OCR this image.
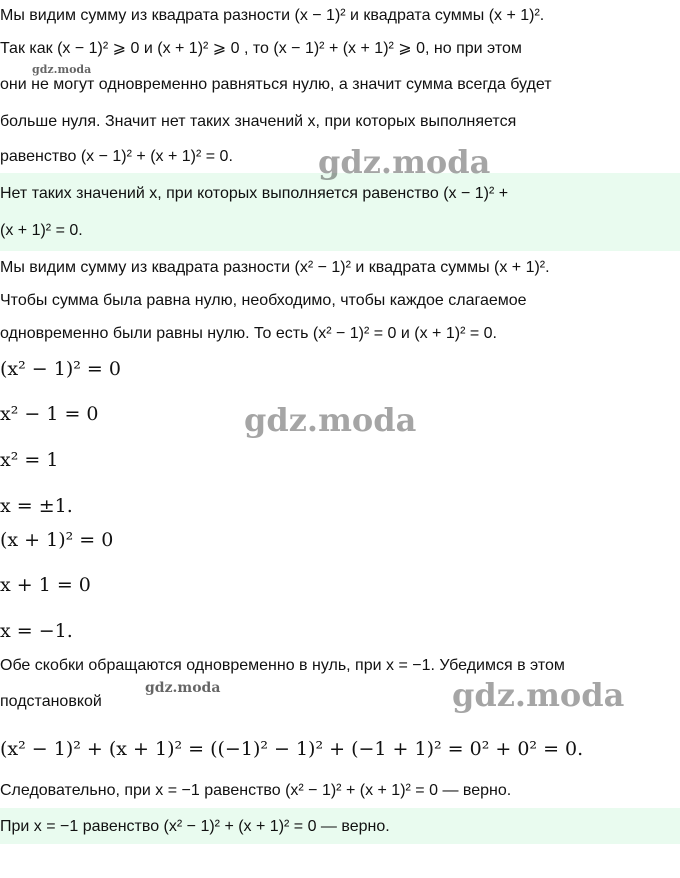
Мы видим сумму из квадрата разности (x − 1)² и квадрата суммы (x + 1)².
Так как (x − 1)² ⩾ 0 и (x + 1)² ⩾ 0 , то (x − 1)² + (x + 1)² ⩾ 0, но при этом
они не могут одновременно равняться нулю, а значит сумма всегда будет
больше нуля. Значит нет таких значений x, при которых выполняется
равенство (x − 1)² + (x + 1)² = 0.
Нет таких значений x, при которых выполняется равенство (x − 1)² +
(x + 1)² = 0.
Мы видим сумму из квадрата разности (x² − 1)² и квадрата суммы (x + 1)².
Чтобы сумма была равна нулю, необходимо, чтобы каждое слагаемое
одновременно были равны нулю. То есть (x² − 1)² = 0 и (x + 1)² = 0.
(x² − 1)² = 0
x² − 1 = 0
x² = 1
x = ±1.
(x + 1)² = 0
x + 1 = 0
x = −1.
Обе скобки обращаются одновременно в нуль, при x = −1. Убедимся в этом
подстановкой
(x² − 1)² + (x + 1)² = ((−1)² − 1)² + (−1 + 1)² = 0² + 0² = 0.
Следовательно, при x = −1 равенство (x² − 1)² + (x + 1)² = 0 — верно.
При x = −1 равенство (x² − 1)² + (x + 1)² = 0 — верно.
gdz.moda
gdz.moda
gdz.moda
gdz.moda	gdz.moda
